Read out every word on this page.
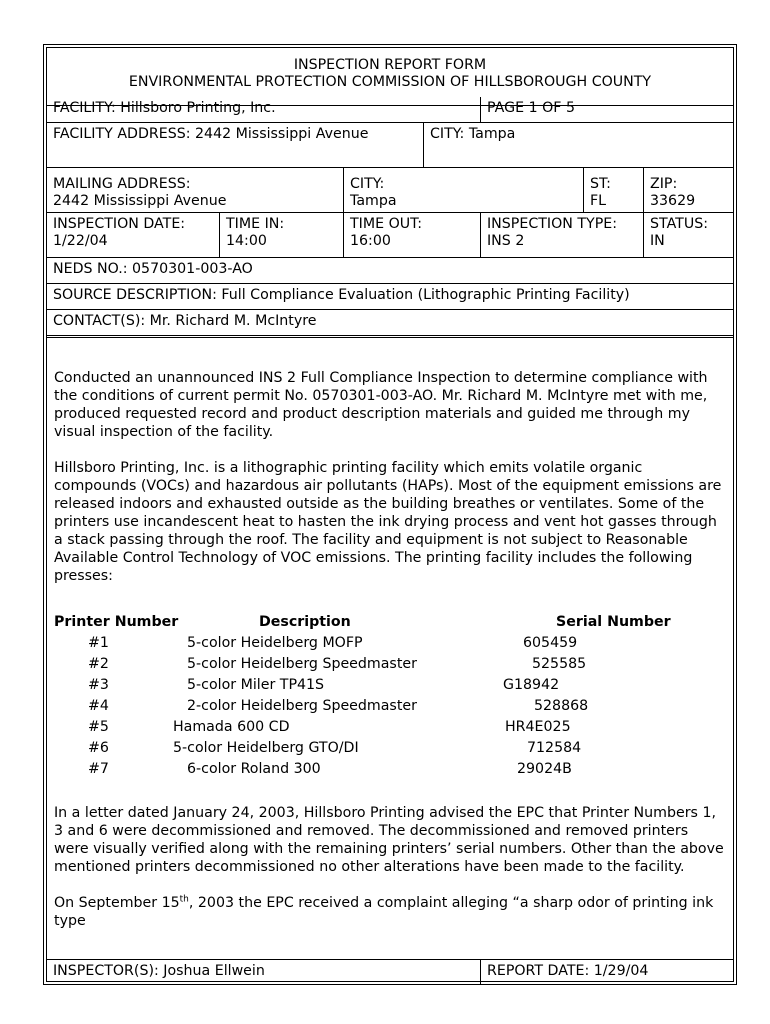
INSPECTION REPORT FORM
ENVIRONMENTAL PROTECTION COMMISSION OF HILLSBOROUGH COUNTY
FACILITY: Hillsboro Printing, Inc.	PAGE 1 OF 5
FACILITY ADDRESS: 2442 Mississippi Avenue	CITY: Tampa
MAILING ADDRESS:
2442 Mississippi Avenue
CITY:
Tampa
ST:
FL
ZIP:
33629
INSPECTION DATE:
1/22/04
TIME IN:
14:00
TIME OUT:
16:00
INSPECTION TYPE:
INS 2
STATUS:
IN
NEDS NO.: 0570301-003-AO
SOURCE DESCRIPTION: Full Compliance Evaluation (Lithographic Printing Facility)
CONTACT(S): Mr. Richard M. McIntyre

Conducted an unannounced INS 2 Full Compliance Inspection to determine compliance with the conditions of current permit No. 0570301-003-AO. Mr. Richard M. McIntyre met with me, produced requested record and product description materials and guided me through my visual inspection of the facility.

Hillsboro Printing, Inc. is a lithographic printing facility which emits volatile organic compounds (VOCs) and hazardous air pollutants (HAPs). Most of the equipment emissions are released indoors and exhausted outside as the building breathes or ventilates. Some of the printers use incandescent heat to hasten the ink drying process and vent hot gasses through a stack passing through the roof. The facility and equipment is not subject to Reasonable Available Control Technology of VOC emissions. The printing facility includes the following presses:

Printer Number	Description	Serial Number
#1	5-color Heidelberg MOFP	605459
#2	5-color Heidelberg Speedmaster	525585
#3	5-color Miler TP41S	G18942
#4	2-color Heidelberg Speedmaster	528868
#5	Hamada 600 CD	HR4E025
#6	5-color Heidelberg GTO/DI	712584
#7	6-color Roland 300	29024B

In a letter dated January 24, 2003, Hillsboro Printing advised the EPC that Printer Numbers 1, 3 and 6 were decommissioned and removed. The decommissioned and removed printers were visually verified along with the remaining printers’ serial numbers. Other than the above mentioned printers decommissioned no other alterations have been made to the facility.

On September 15th, 2003 the EPC received a complaint alleging “a sharp odor of printing ink type

INSPECTOR(S): Joshua Ellwein	REPORT DATE: 1/29/04
